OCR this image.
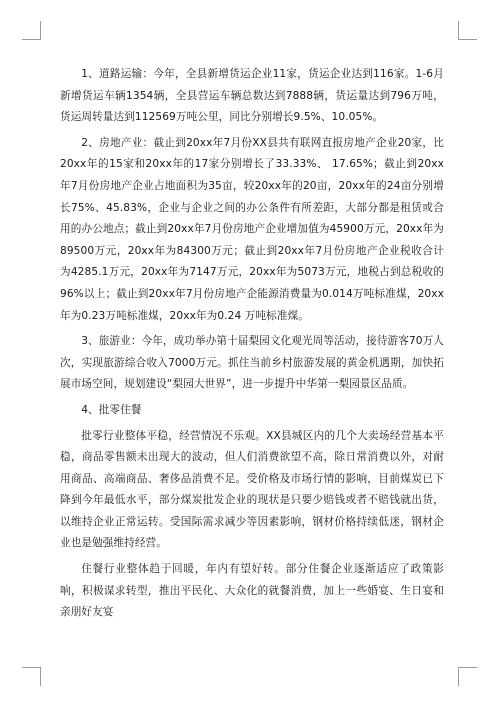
1、道路运输：今年，全县新增货运企业11家，货运企业达到116家。1-6月新增货运车辆1354辆，全县营运车辆总数达到7888辆，货运量达到796万吨，货运周转量达到112569万吨公里，同比分别增长9.5%、10.05%。

2、房地产业：截止到20xx年7月份XX县共有联网直报房地产企业20家，比20xx年的15家和20xx年的17家分别增长了33.33%、 17.65%；截止到20xx年7月份房地产企业占地面积为35亩，较20xx年的20亩，20xx年的24亩分别增长75%、45.83%，企业与企业之间的办公条件有所差距，大部分都是租赁或合用的办公地点；截止到20xx年7月份房地产企业增加值为45900万元，20xx年为89500万元，20xx年为84300万元；截止到20xx年7月份房地产企业税收合计为4285.1万元，20xx年为7147万元，20xx年为5073万元，地税占到总税收的96%以上；截止到20xx年7月份房地产企能源消费量为0.014万吨标准煤，20xx年为0.23万吨标准煤，20xx年为0.24 万吨标准煤。

3、旅游业：今年，成功举办第十届梨园文化观光周等活动，接待游客70万人次，实现旅游综合收入7000万元。抓住当前乡村旅游发展的黄金机遇期，加快拓展市场空间，规划建设“梨园大世界”，进一步提升中华第一梨园景区品质。

4、批零住餐

批零行业整体平稳，经营情况不乐观。XX县城区内的几个大卖场经营基本平稳，商品零售额未出现大的波动，但人们消费欲望不高，除日常消费以外，对耐用商品、高端商品、奢侈品消费不足。受价格及市场行情的影响，目前煤炭已下降到今年最低水平，部分煤炭批发企业的现状是只要少赔钱或者不赔钱就出货，以维持企业正常运转。受国际需求减少等因素影响，钢材价格持续低迷，钢材企业也是勉强维持经营。

住餐行业整体趋于回暖，年内有望好转。部分住餐企业逐渐适应了政策影响，积极谋求转型，推出平民化、大众化的就餐消费，加上一些婚宴、生日宴和亲朋好友宴
